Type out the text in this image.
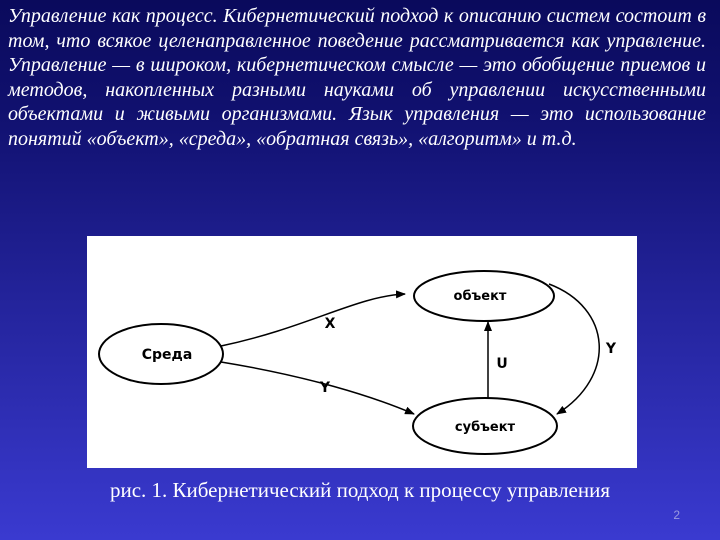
Управление как процесс. Кибернетический подход к описанию систем состоит в том, что всякое целенаправленное поведение рассматривается как управление. Управление — в широком, кибернетическом смысле — это обобщение приемов и методов, накопленных разными науками об управлении искусственными объектами и живыми организмами. Язык управления — это использование понятий «объект», «среда», «обратная связь», «алгоритм» и т.д.

Среда
объект
субъект
X
Y
U
Y

рис. 1. Кибернетический подход к процессу управления

2
